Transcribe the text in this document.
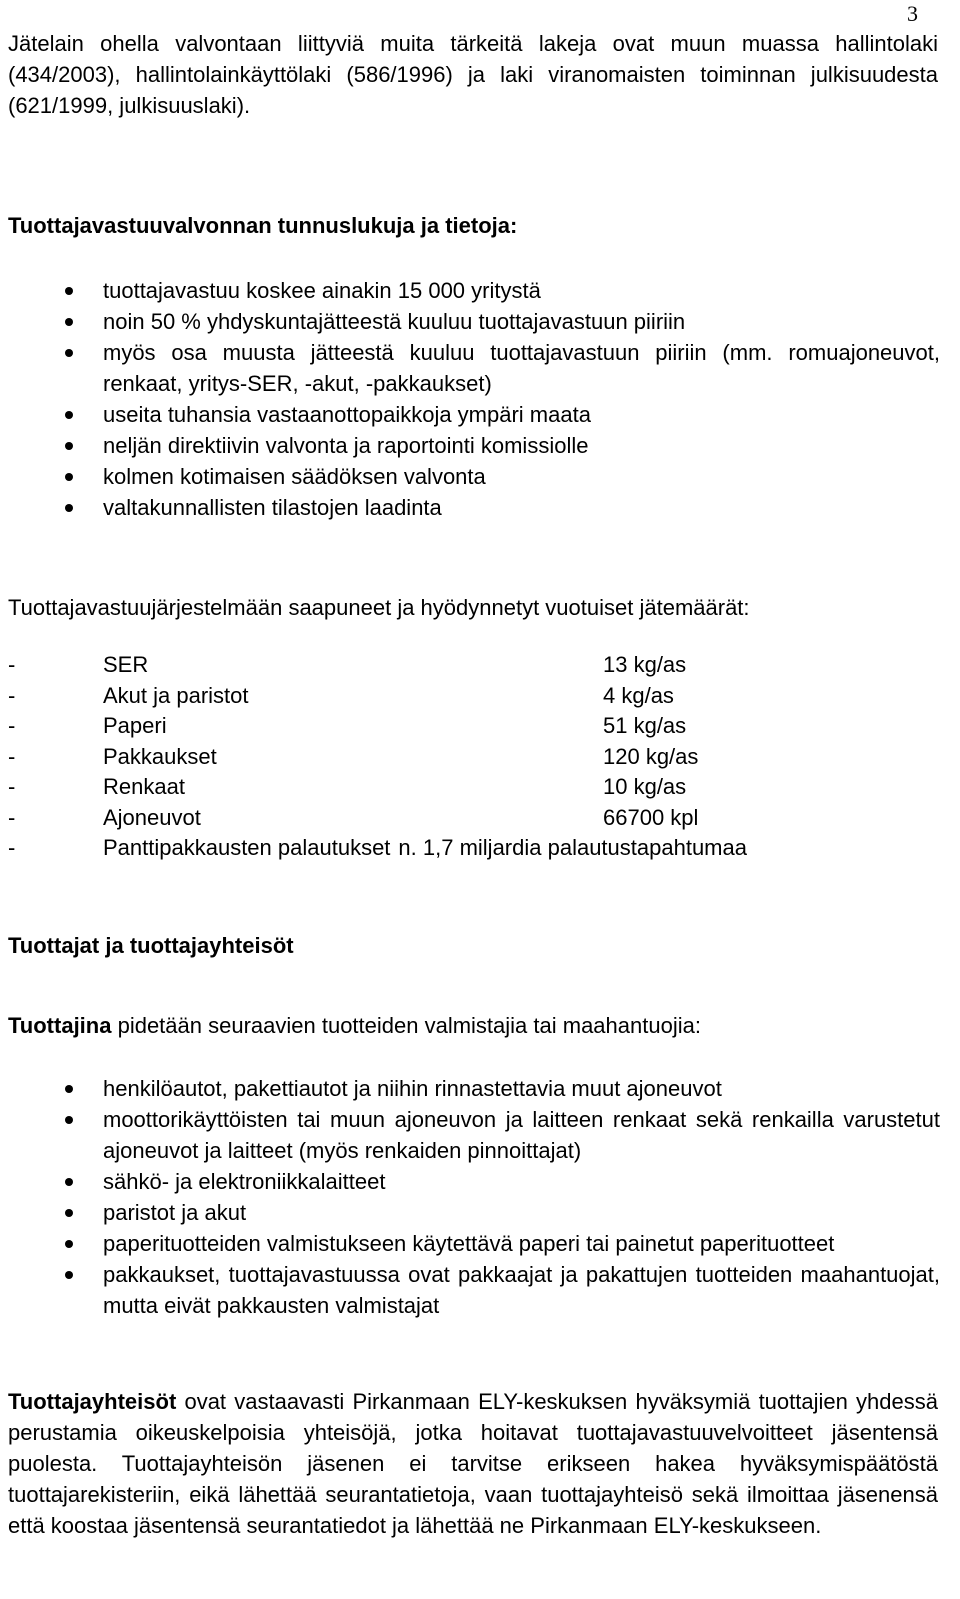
3

Jätelain ohella valvontaan liittyviä muita tärkeitä lakeja ovat muun muassa hallintolaki (434/2003), hallintolainkäyttölaki (586/1996) ja laki viranomaisten toiminnan julkisuudesta (621/1999, julkisuuslaki).

Tuottajavastuuvalvonnan tunnuslukuja ja tietoja:

tuottajavastuu koskee ainakin 15 000 yritystä
noin 50 % yhdyskuntajätteestä kuuluu tuottajavastuun piiriin
myös osa muusta jätteestä kuuluu tuottajavastuun piiriin (mm. romuajoneuvot, renkaat, yritys-SER, -akut, -pakkaukset)
useita tuhansia vastaanottopaikkoja ympäri maata
neljän direktiivin valvonta ja raportointi komissiolle
kolmen kotimaisen säädöksen valvonta
valtakunnallisten tilastojen laadinta

Tuottajavastuujärjestelmään saapuneet ja hyödynnetyt vuotuiset jätemäärät:

-	SER	13 kg/as
-	Akut ja paristot	4 kg/as
-	Paperi	51 kg/as
-	Pakkaukset	120 kg/as
-	Renkaat	10 kg/as
-	Ajoneuvot	66700 kpl
-	Panttipakkausten palautukset n. 1,7 miljardia palautustapahtumaa

Tuottajat ja tuottajayhteisöt

Tuottajina pidetään seuraavien tuotteiden valmistajia tai maahantuojia:

henkilöautot, pakettiautot ja niihin rinnastettavia muut ajoneuvot
moottorikäyttöisten tai muun ajoneuvon ja laitteen renkaat sekä renkailla varustetut ajoneuvot ja laitteet (myös renkaiden pinnoittajat)
sähkö- ja elektroniikkalaitteet
paristot ja akut
paperituotteiden valmistukseen käytettävä paperi tai painetut paperituotteet
pakkaukset, tuottajavastuussa ovat pakkaajat ja pakattujen tuotteiden maahantuojat, mutta eivät pakkausten valmistajat

Tuottajayhteisöt ovat vastaavasti Pirkanmaan ELY-keskuksen hyväksymiä tuottajien yhdessä perustamia oikeuskelpoisia yhteisöjä, jotka hoitavat tuottajavastuuvelvoitteet jäsentensä puolesta. Tuottajayhteisön jäsenen ei tarvitse erikseen hakea hyväksymispäätöstä tuottajarekisteriin, eikä lähettää seurantatietoja, vaan tuottajayhteisö sekä ilmoittaa jäsenensä että koostaa jäsentensä seurantatiedot ja lähettää ne Pirkanmaan ELY-keskukseen.
